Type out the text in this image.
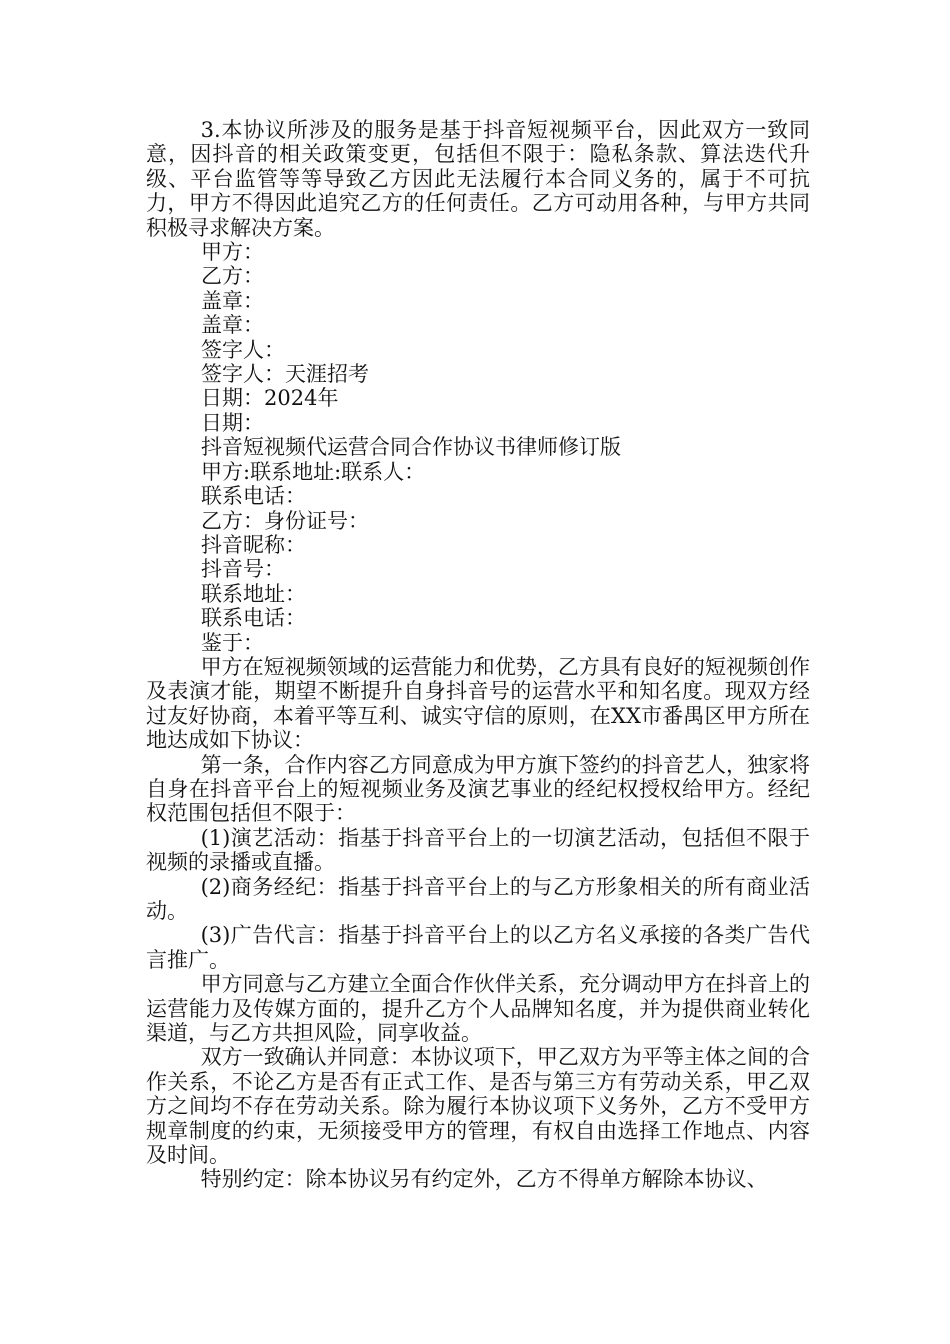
3.本协议所涉及的服务是基于抖音短视频平台，因此双方一致同意，因抖音的相关政策变更，包括但不限于：隐私条款、算法迭代升级、平台监管等等导致乙方因此无法履行本合同义务的，属于不可抗力，甲方不得因此追究乙方的任何责任。乙方可动用各种，与甲方共同积极寻求解决方案。

甲方：

乙方：

盖章：

盖章：

签字人：

签字人：天涯招考

日期：2024年

日期：

抖音短视频代运营合同合作协议书律师修订版

甲方:联系地址:联系人：

联系电话：

乙方：身份证号：

抖音昵称：

抖音号：

联系地址：

联系电话：

鉴于：

甲方在短视频领域的运营能力和优势，乙方具有良好的短视频创作及表演才能，期望不断提升自身抖音号的运营水平和知名度。现双方经过友好协商，本着平等互利、诚实守信的原则，在XX市番禺区甲方所在地达成如下协议：

第一条，合作内容乙方同意成为甲方旗下签约的抖音艺人，独家将自身在抖音平台上的短视频业务及演艺事业的经纪权授权给甲方。经纪权范围包括但不限于：

(1)演艺活动：指基于抖音平台上的一切演艺活动，包括但不限于视频的录播或直播。

(2)商务经纪：指基于抖音平台上的与乙方形象相关的所有商业活动。

(3)广告代言：指基于抖音平台上的以乙方名义承接的各类广告代言推广。

甲方同意与乙方建立全面合作伙伴关系，充分调动甲方在抖音上的运营能力及传媒方面的，提升乙方个人品牌知名度，并为提供商业转化渠道，与乙方共担风险，同享收益。

双方一致确认并同意：本协议项下，甲乙双方为平等主体之间的合作关系，不论乙方是否有正式工作、是否与第三方有劳动关系，甲乙双方之间均不存在劳动关系。除为履行本协议项下义务外，乙方不受甲方规章制度的约束，无须接受甲方的管理，有权自由选择工作地点、内容及时间。

特别约定：除本协议另有约定外，乙方不得单方解除本协议、
